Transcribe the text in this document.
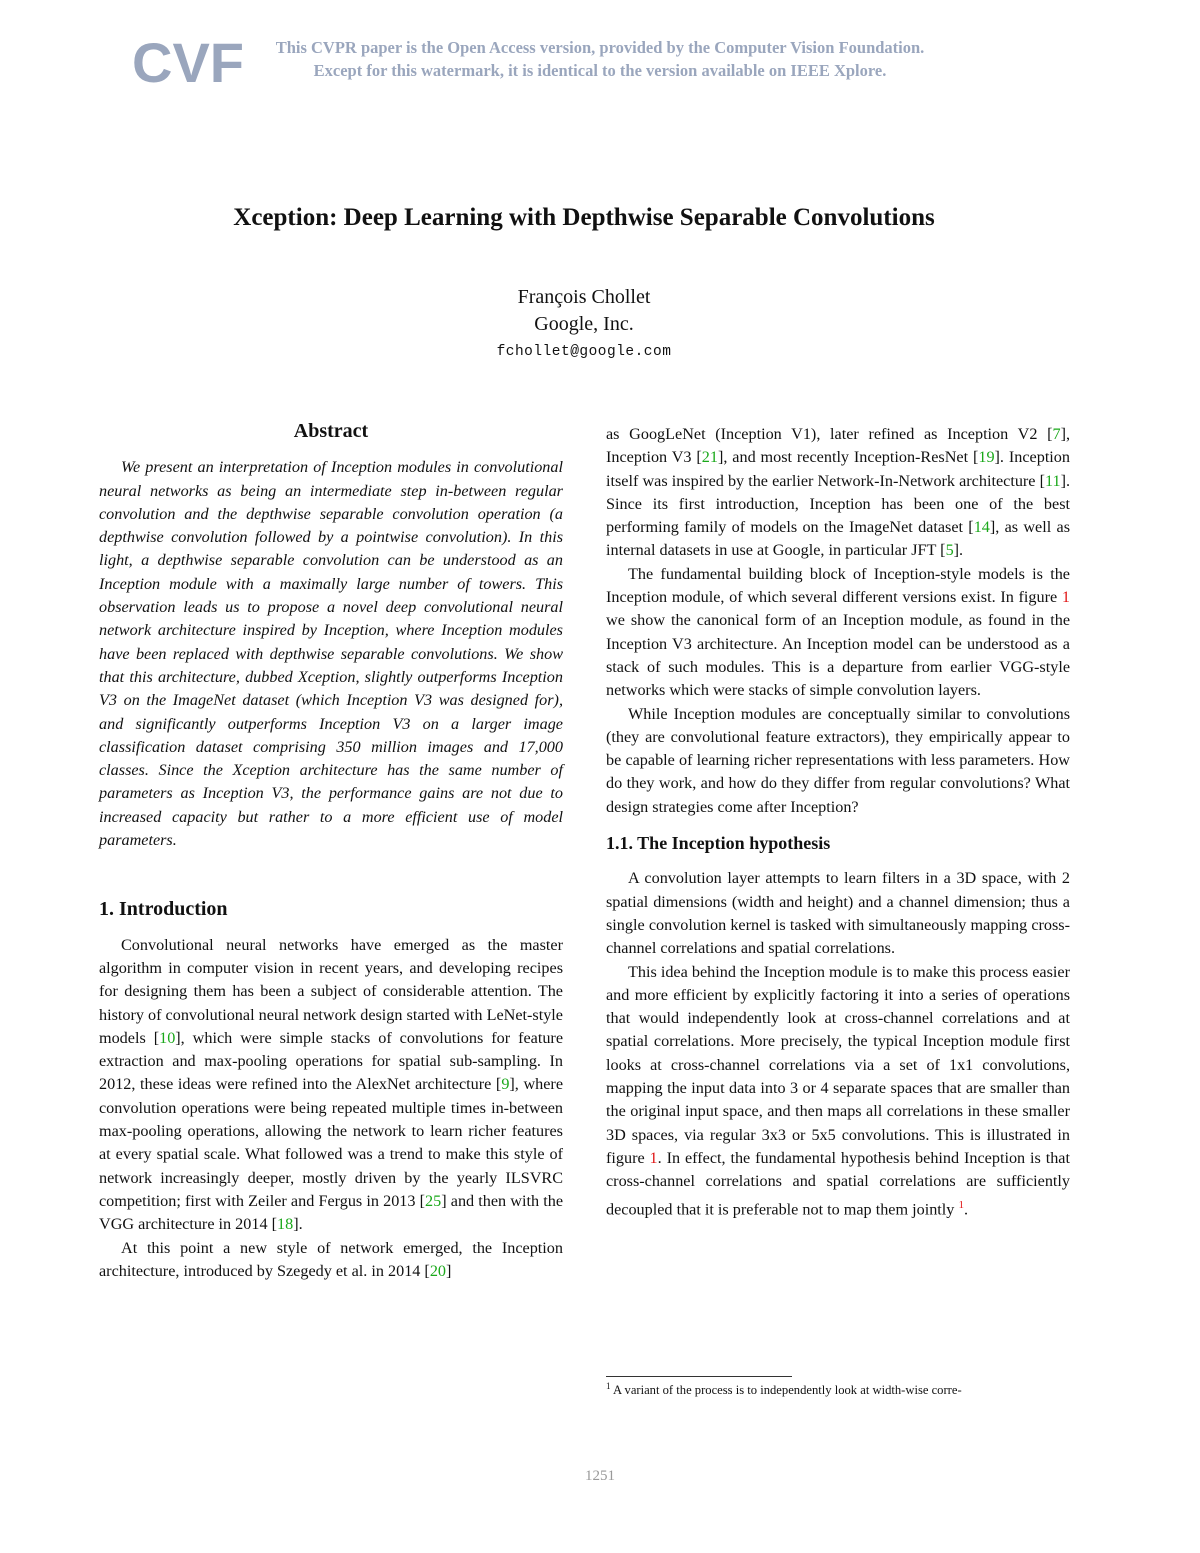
CVF	This CVPR paper is the Open Access version, provided by the Computer Vision Foundation.
Except for this watermark, it is identical to the version available on IEEE Xplore.
Xception: Deep Learning with Depthwise Separable Convolutions
François Chollet
Google, Inc.
fchollet@google.com
Abstract

We present an interpretation of Inception modules in convolutional neural networks as being an intermediate step in-between regular convolution and the depthwise separable convolution operation (a depthwise convolution followed by a pointwise convolution). In this light, a depthwise separable convolution can be understood as an Inception module with a maximally large number of towers. This observation leads us to propose a novel deep convolutional neural network architecture inspired by Inception, where Inception modules have been replaced with depthwise separable convolutions. We show that this architecture, dubbed Xception, slightly outperforms Inception V3 on the ImageNet dataset (which Inception V3 was designed for), and significantly outperforms Inception V3 on a larger image classification dataset comprising 350 million images and 17,000 classes. Since the Xception architecture has the same number of parameters as Inception V3, the performance gains are not due to increased capacity but rather to a more efficient use of model parameters.

1. Introduction

Convolutional neural networks have emerged as the master algorithm in computer vision in recent years, and developing recipes for designing them has been a subject of considerable attention. The history of convolutional neural network design started with LeNet-style models [10], which were simple stacks of convolutions for feature extraction and max-pooling operations for spatial sub-sampling. In 2012, these ideas were refined into the AlexNet architecture [9], where convolution operations were being repeated multiple times in-between max-pooling operations, allowing the network to learn richer features at every spatial scale. What followed was a trend to make this style of network increasingly deeper, mostly driven by the yearly ILSVRC competition; first with Zeiler and Fergus in 2013 [25] and then with the VGG architecture in 2014 [18].

At this point a new style of network emerged, the Inception architecture, introduced by Szegedy et al. in 2014 [20]

as GoogLeNet (Inception V1), later refined as Inception V2 [7], Inception V3 [21], and most recently Inception-ResNet [19]. Inception itself was inspired by the earlier Network-In-Network architecture [11]. Since its first introduction, Inception has been one of the best performing family of models on the ImageNet dataset [14], as well as internal datasets in use at Google, in particular JFT [5].

The fundamental building block of Inception-style models is the Inception module, of which several different versions exist. In figure 1 we show the canonical form of an Inception module, as found in the Inception V3 architecture. An Inception model can be understood as a stack of such modules. This is a departure from earlier VGG-style networks which were stacks of simple convolution layers.

While Inception modules are conceptually similar to convolutions (they are convolutional feature extractors), they empirically appear to be capable of learning richer representations with less parameters. How do they work, and how do they differ from regular convolutions? What design strategies come after Inception?

1.1. The Inception hypothesis

A convolution layer attempts to learn filters in a 3D space, with 2 spatial dimensions (width and height) and a channel dimension; thus a single convolution kernel is tasked with simultaneously mapping cross-channel correlations and spatial correlations.

This idea behind the Inception module is to make this process easier and more efficient by explicitly factoring it into a series of operations that would independently look at cross-channel correlations and at spatial correlations. More precisely, the typical Inception module first looks at cross-channel correlations via a set of 1x1 convolutions, mapping the input data into 3 or 4 separate spaces that are smaller than the original input space, and then maps all correlations in these smaller 3D spaces, via regular 3x3 or 5x5 convolutions. This is illustrated in figure 1. In effect, the fundamental hypothesis behind Inception is that cross-channel correlations and spatial correlations are sufficiently decoupled that it is preferable not to map them jointly $^1$.

$^1$ A variant of the process is to independently look at width-wise corre-
1251
